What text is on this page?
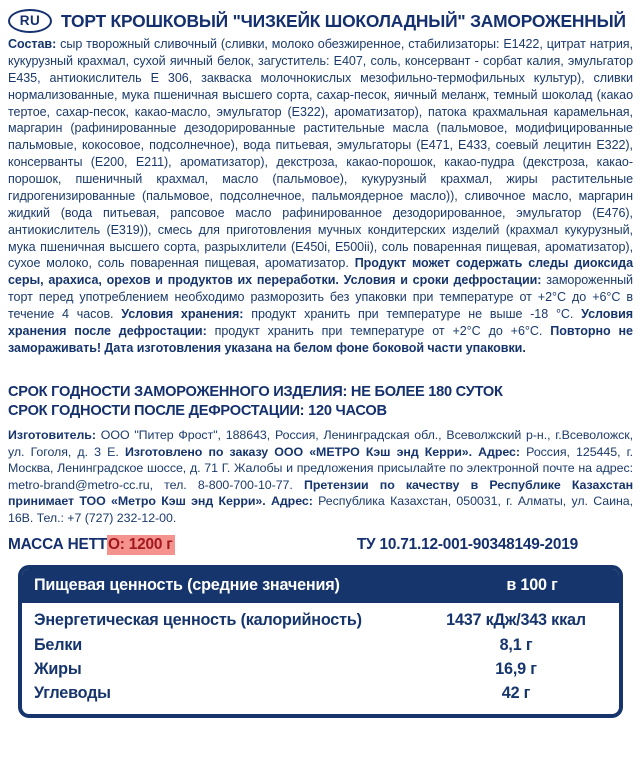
RU	ТОРТ КРОШКОВЫЙ "ЧИЗКЕЙК ШОКОЛАДНЫЙ" ЗАМОРОЖЕННЫЙ
Состав: сыр творожный сливочный (сливки, молоко обезжиренное, стабилизаторы: Е1422, цитрат натрия, кукурузный крахмал, сухой яичный белок, загуститель: Е407, соль, консервант - сорбат калия, эмульгатор Е435, антиокислитель Е 306, закваска молочнокислых мезофильно-термофильных культур), сливки нормализованные, мука пшеничная высшего сорта, сахар-песок, яичный меланж, темный шоколад (какао тертое, сахар-песок, какао-масло, эмульгатор (Е322), ароматизатор), патока крахмальная карамельная, маргарин (рафинированные дезодорированные растительные масла (пальмовое, модифицированные пальмовые, кокосовое, подсолнечное), вода питьевая, эмульгаторы (Е471, Е433, соевый лецитин Е322), консерванты (Е200, Е211), ароматизатор), декстроза, какао-порошок, какао-пудра (декстроза, какао-порошок, пшеничный крахмал, масло (пальмовое), кукурузный крахмал, жиры растительные гидрогенизированные (пальмовое, подсолнечное, пальмоядерное масло)), сливочное масло, маргарин жидкий (вода питьевая, рапсовое масло рафинированное дезодорированное, эмульгатор (Е476), антиокислитель (Е319)), смесь для приготовления мучных кондитерских изделий (крахмал кукурузный, мука пшеничная высшего сорта, разрыхлители (Е450i, Е500ii), соль поваренная пищевая, ароматизатор), сухое молоко, соль поваренная пищевая, ароматизатор. Продукт может содержать следы диоксида серы, арахиса, орехов и продуктов их переработки. Условия и сроки дефростации: замороженный торт перед употреблением необходимо разморозить без упаковки при температуре от +2°С до +6°С в течение 4 часов. Условия хранения: продукт хранить при температуре не выше -18 °С. Условия хранения после дефростации: продукт хранить при температуре от +2°С до +6°С. Повторно не замораживать! Дата изготовления указана на белом фоне боковой части упаковки.
СРОК ГОДНОСТИ ЗАМОРОЖЕННОГО ИЗДЕЛИЯ: НЕ БОЛЕЕ 180 СУТОК
СРОК ГОДНОСТИ ПОСЛЕ ДЕФРОСТАЦИИ: 120 ЧАСОВ
Изготовитель: ООО "Питер Фрост", 188643, Россия, Ленинградская обл., Всеволжский р-н., г.Всеволожск, ул. Гоголя, д. 3 Е. Изготовлено по заказу ООО «МЕТРО Кэш энд Керри». Адрес: Россия, 125445, г. Москва, Ленинградское шоссе, д. 71 Г. Жалобы и предложения присылайте по электронной почте на адрес: metro-brand@metro-cc.ru, тел. 8-800-700-10-77. Претензии по качеству в Республике Казахстан принимает ТОО «Метро Кэш энд Керри». Адрес: Республика Казахстан, 050031, г. Алматы, ул. Саина, 16В. Тел.: +7 (727) 232-12-00.
МАССА НЕТТ О: 1200 г	ТУ 10.71.12-001-90348149-2019
Пищевая ценность (средние значения)	в 100 г
Энергетическая ценность (калорийность)	1437 кДж/343 ккал
Белки	8,1 г
Жиры	16,9 г
Углеводы	42 г
